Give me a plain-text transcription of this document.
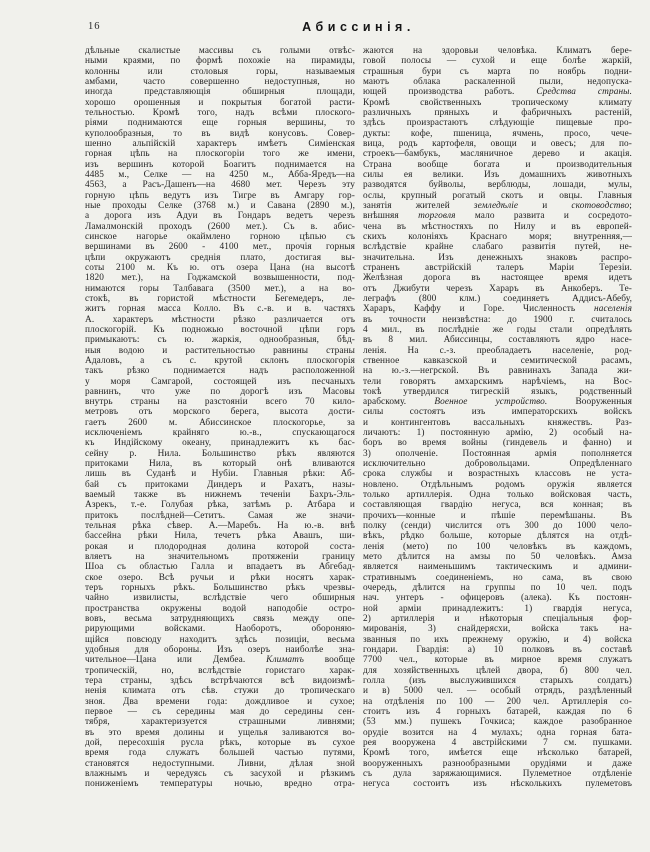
16	Абиссинія.
дѣльные скалистые массивы съ голыми отвѣс-
ными краями, по формѣ похожіе на пирамиды,
колонны или столовыя горы, называемыя
амбами, часто совершенно недоступныя, но
иногда представляющія обширныя площади,
хорошо орошенныя и покрытыя богатой расти-
тельностью. Кромѣ того, надъ всѣми плоского-
ріями поднимаются еще горныя вершины, то
куполообразныя, то въ видѣ конусовъ. Совер-
шенно альпійскій характеръ имѣетъ Симіенская
горная цѣпь на плоскогоріи того же имени,
изъ вершинъ которой Боагитъ поднимается на
4485 м., Селке — на 4250 м., Абба-Яредъ—на
4563, а Расъ-Дашенъ—на 4680 мет. Черезъ эту
горную цѣпь ведутъ изъ Тигре въ Амгару гор-
ные проходы Селке (3768 м.) и Савана (2890 м.),
а дорога изъ Адуи въ Гондаръ ведетъ черезъ
Ламалмонскій проходъ (2600 мет.). Съ в. абис-
синское нагорье окаймлено горною цѣпью съ
вершинами въ 2600 - 4100 мет., прочія горныя
цѣпи окружаютъ среднія плато, достигая вы-
соты 2100 м. Къ ю. отъ озера Цана (на высотѣ
1820 мет.), на Годжамской возвышенности, под-
нимаются горы Талбавага (3500 мет.), а на во-
стокѣ, въ гористой мѣстности Бегемедеръ, ле-
житъ горная масса Колло. Въ с.-в. и в. частяхъ
А. характеръ мѣстности рѣзко различается отъ
плоскогорій. Къ подножью восточной цѣпи горъ
примыкаютъ: съ ю. жаркія, однообразныя, бѣд-
ныя водою и растительностью равнины страны
Адаловъ, а съ с. крутой склонъ плоскогорія
такъ рѣзко поднимается надъ расположенной
у моря Самгарой, состоящей изъ песчаныхъ
равнинъ, что уже по дорогѣ изъ Масовы
внутрь страны на разстояніи всего 70 кило-
метровъ отъ морского берега, высота дости-
гаетъ 2600 м. Абиссинское плоскогорье, за
исключеніемъ крайняго ю.-в., спускающагося
къ Индійскому океану, принадлежитъ къ бас-
сейну р. Нила. Большинство рѣкъ являются
притоками Нила, въ который онѣ вливаются
лишь въ Суданѣ и Нубіи. Главныя рѣки: Аб-
бай съ притоками Диндеръ и Рахатъ, назы-
ваемый также въ нижнемъ теченіи Бахръ-Эль-
Азрекъ, т.-е. Голубая рѣка, затѣмъ р. Атбара и
притокъ послѣдней—Сетитъ. Самая же значи-
тельная рѣка сѣвер. А.—Маребъ. На ю.-в. внѣ
бассейна рѣки Нила, течетъ рѣка Авашъ, ши-
рокая и плодородная долина которой соста-
вляетъ на значительномъ протяженіи границу
Шоа съ областью Галла и впадаетъ въ Абгебад-
ское озеро. Всѣ ручьи и рѣки носятъ харак-
теръ горныхъ рѣкъ. Большинство рѣкъ чрезвы-
чайно извилисты, вслѣдствіе чего обширныя
пространства окружены водой наподобіе остро-
вовъ, весьма затрудняющихъ связь между опе-
рирующими войсками. Наоборотъ, обороняю-
щійся повсюду находитъ здѣсь позиціи, весьма
удобныя для обороны. Изъ озеръ наиболѣе зна-
чительное—Цана или Дембеа. Климатъ вообще
тропическій, но, вслѣдствіе гористаго харак-
тера страны, здѣсь встрѣчаются всѣ видоизмѣ-
ненія климата отъ сѣв. стужи до тропическаго
зноя. Два времени года: дождливое и сухое;
первое — съ середины мая до середины сен-
тября, характеризуется страшными ливнями;
въ это время долины и ущелья заливаются во-
дой, пересохшія русла рѣкъ, которые въ сухое
время года служатъ большей частью путями,
становятся недоступными. Ливни, дѣлая зной
влажнымъ и чередуясь съ засухой и рѣзкимъ
пониженіемъ температуры ночью, вредно отра-
жаются на здоровьи человѣка. Климатъ бере-
говой полосы — сухой и еще болѣе жаркій,
страшныя бури съ марта по ноябрь подни-
маютъ облака раскаленной пыли, недопуска-
ющей производства работъ. Средства страны.
Кромѣ свойственныхъ тропическому климату
различныхъ пряныхъ и фабричныхъ растеній,
здѣсь произрастаютъ слѣдующіе пищевые про-
дукты: кофе, пшеница, ячмень, просо, чече-
вица, родъ картофеля, овощи и овесъ; для по-
строекъ—бамбукъ, масляничное дерево и акація.
Страна вообще богата и производительныя
силы ея велики. Изъ домашнихъ животныхъ
разводятся буйволы, верблюды, лошади, мулы,
ослы, крупный рогатый скотъ и овцы. Главныя
занятія жителей земледѣліе и скотоводство;
внѣшняя торговля мало развита и сосредото-
чена въ мѣстностяхъ по Нилу и въ европей-
скихъ колоніяхъ Краснаго моря; внутренняя,—
вслѣдствіе крайне слабаго развитія путей, не-
значительна. Изъ денежныхъ знаковъ распро-
страненъ австрійскій талеръ Маріи Терезіи.
Желѣзная дорога въ настоящее время идетъ
отъ Джибути черезъ Хараръ въ Анкоберъ. Те-
леграфъ (800 клм.) соединяетъ Аддисъ-Абебу,
Хараръ, Каффу и Горе. Численность населенія
въ точности неизвѣстна: до 1900 г. считалось
4 мил., въ послѣдніе же годы стали опредѣлять
въ 8 мил. Абиссинцы, составляютъ ядро насе-
ленія. На с.-з. преобладаетъ населеніе, род-
ственное кавказской и семитической расамъ,
на ю.-з.—негрской. Въ равнинахъ Запада жи-
тели говорятъ амхарскимъ нарѣчіемъ, на Вос-
токѣ утвердился тигрескій языкъ, родственный
арабскому. Военное устройство. Вооруженныя
силы состоятъ изъ императорскихъ войскъ
и контингентовъ вассальныхъ княжествъ. Раз-
личаютъ: 1) постоянную армію, 2) особый на-
боръ во время войны (гиндевель и фанно) и
3) ополченіе. Постоянная армія пополняется
исключительно добровольцами. Опредѣленнаго
срока службы и возрастныхъ классовъ не уста-
новлено. Отдѣльнымъ родомъ оружія является
только артиллерія. Одна только войсковая часть,
составляющая гвардію негуса, вся конная; въ
прочихъ—конные и пѣшіе перемѣшаны. Въ
полку (сенди) числится отъ 300 до 1000 чело-
вѣкъ, рѣдко больше, которые дѣлятся на отдѣ-
ленія (мето) по 100 человѣкъ въ каждомъ,
мето дѣлится на амзы по 50 человѣкъ. Амза
является наименьшимъ тактическимъ и админи-
стративнымъ соединеніемъ, но сама, въ свою
очередь, дѣлится на группы по 10 чел. подъ
нач. унтеръ - офицеровъ (алека). Къ постоян-
ной арміи принадлежитъ: 1) гвардія негуса,
2) артиллерія и нѣкоторыя спеціальныя фор-
мированія, 3) снайдерясхи, войска такъ на-
званныя по ихъ прежнему оружію, и 4) войска
гондари. Гвардія: а) 10 полковъ въ составѣ
7700 чел., которые въ мирное время служатъ
для хозяйственныхъ цѣлей двора, б) 800 чел.
голла (изъ выслужившихся старыхъ солдатъ)
и в) 5000 чел. — особый отрядъ, раздѣленный
на отдѣленія по 100 — 200 чел. Артиллерія со-
стоитъ изъ 4 горныхъ батарей, каждая по 6
(53 мм.) пушекъ Гочкиса; каждое разобранное
орудіе возится на 4 мулахъ; одна горная бата-
рея вооружена 4 австрійскими 7 см. пушками.
Кромѣ того, имѣется еще нѣсколько батарей,
вооруженныхъ разнообразными орудіями и даже
съ дула заряжающимися. Пулеметное отдѣленіе
негуса состоитъ изъ нѣсколькихъ пулеметовъ
